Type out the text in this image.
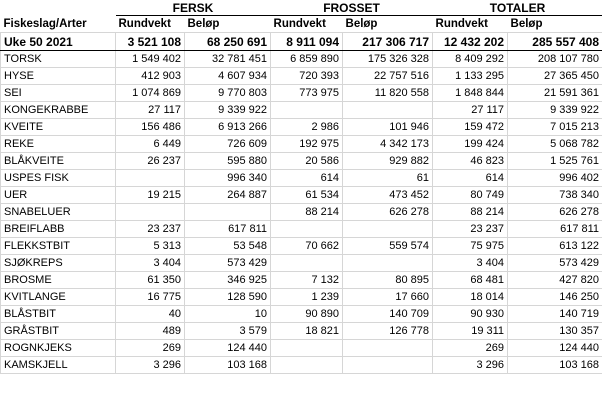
	FERSK		FROSSET		TOTALER	
Fiskeslag/Arter	Rundvekt	Beløp	Rundvekt	Beløp	Rundvekt	Beløp
Uke 50 2021	3 521 108	68 250 691	8 911 094	217 306 717	12 432 202	285 557 408
TORSK	1 549 402	32 781 451	6 859 890	175 326 328	8 409 292	208 107 780
HYSE	412 903	4 607 934	720 393	22 757 516	1 133 295	27 365 450
SEI	1 074 869	9 770 803	773 975	11 820 558	1 848 844	21 591 361
KONGEKRABBE	27 117	9 339 922			27 117	9 339 922
KVEITE	156 486	6 913 266	2 986	101 946	159 472	7 015 213
REKE	6 449	726 609	192 975	4 342 173	199 424	5 068 782
BLÅKVEITE	26 237	595 880	20 586	929 882	46 823	1 525 761
USPES FISK		996 340	614	61	614	996 402
UER	19 215	264 887	61 534	473 452	80 749	738 340
SNABELUER			88 214	626 278	88 214	626 278
BREIFLABB	23 237	617 811			23 237	617 811
FLEKKSTBIT	5 313	53 548	70 662	559 574	75 975	613 122
SJØKREPS	3 404	573 429			3 404	573 429
BROSME	61 350	346 925	7 132	80 895	68 481	427 820
KVITLANGE	16 775	128 590	1 239	17 660	18 014	146 250
BLÅSTBIT	40	10	90 890	140 709	90 930	140 719
GRÅSTBIT	489	3 579	18 821	126 778	19 311	130 357
ROGNKJEKS	269	124 440			269	124 440
KAMSKJELL	3 296	103 168			3 296	103 168
